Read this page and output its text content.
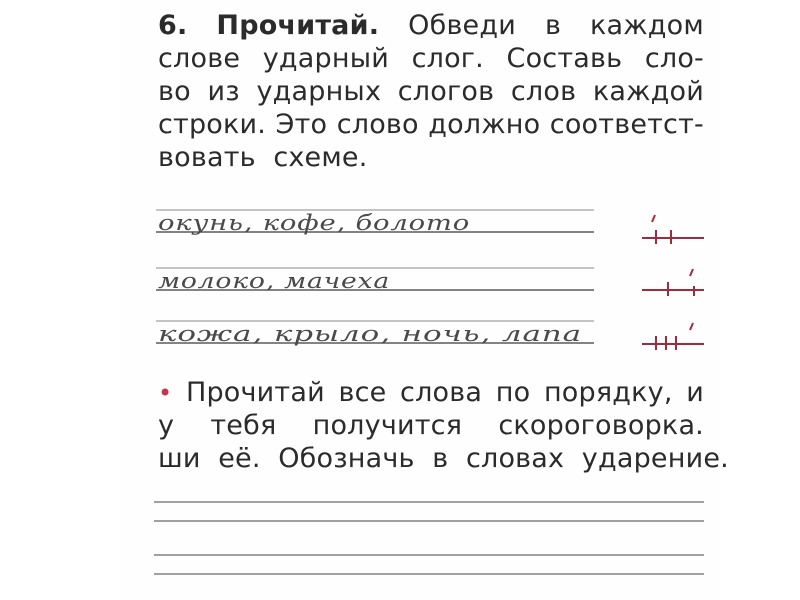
6. Прочитай. Обведи в каждом
слове ударный слог. Составь сло-
во из ударных слогов слов каждой
строки. Это слово должно соответст-
вовать схеме.
окунь, кофе, болото
молоко, мачеха
кожа, крыло, ночь, лапа
• Прочитай все слова по порядку, и
у тебя получится скороговорка.
ши её. Обозначь в словах ударение.
